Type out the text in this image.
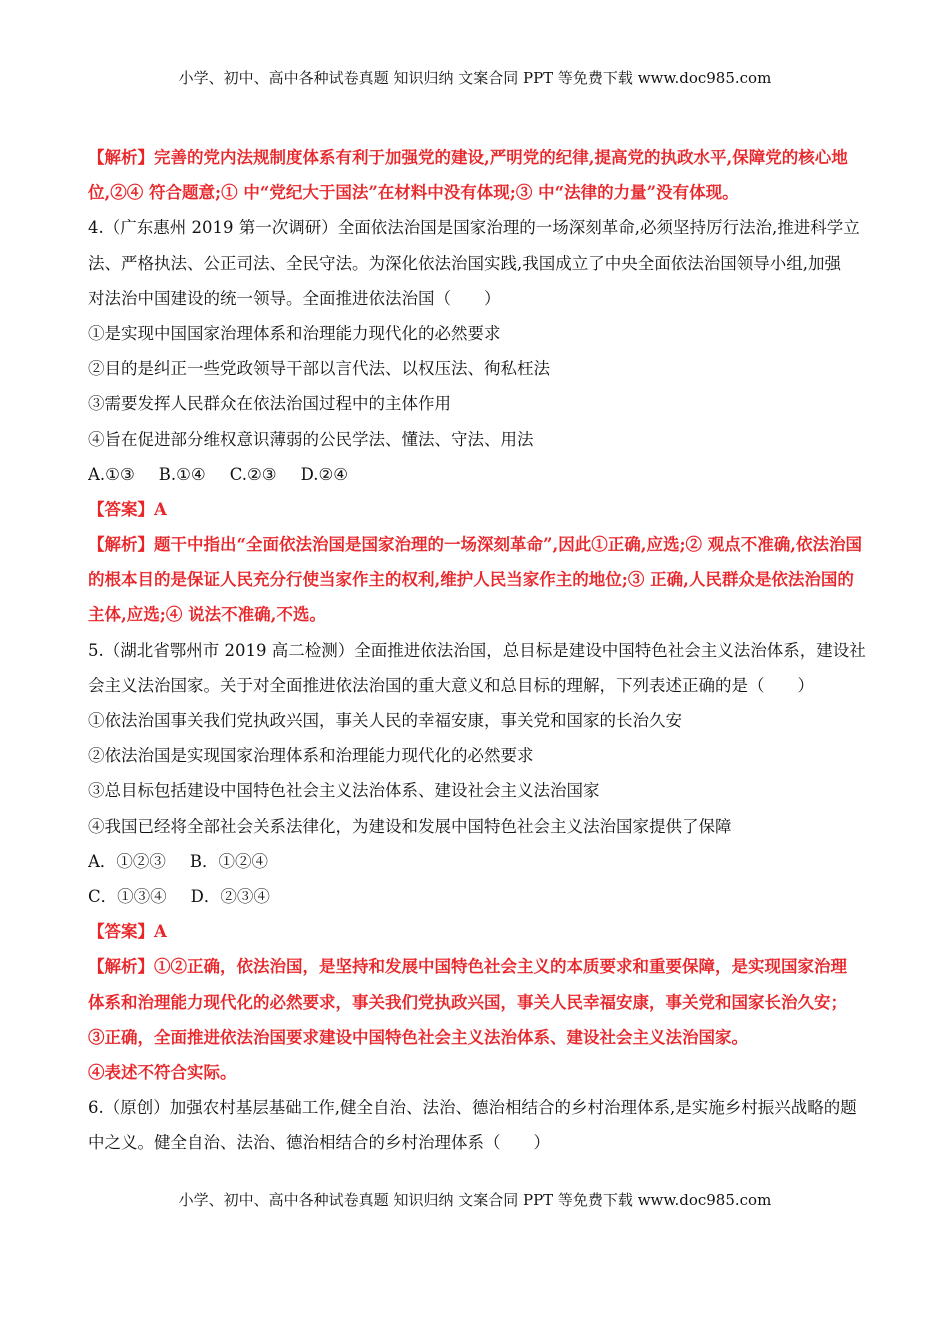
小学、初中、高中各种试卷真题 知识归纳 文案合同 PPT 等免费下载 www.doc985.com
【解析】完善的党内法规制度体系有利于加强党的建设,严明党的纪律,提高党的执政水平,保障党的核心地
位,②④ 符合题意;① 中“党纪大于国法”在材料中没有体现;③ 中“法律的力量”没有体现。
4.（广东惠州 2019 第一次调研）全面依法治国是国家治理的一场深刻革命,必须坚持厉行法治,推进科学立
法、严格执法、公正司法、全民守法。为深化依法治国实践,我国成立了中央全面依法治国领导小组,加强
对法治中国建设的统一领导。全面推进依法治国（　　）
①是实现中国国家治理体系和治理能力现代化的必然要求
②目的是纠正一些党政领导干部以言代法、以权压法、徇私枉法
③需要发挥人民群众在依法治国过程中的主体作用
④旨在促进部分维权意识薄弱的公民学法、懂法、守法、用法
A.①③ B.①④ C.②③ D.②④
【答案】A
【解析】题干中指出“全面依法治国是国家治理的一场深刻革命”,因此①正确,应选;② 观点不准确,依法治国
的根本目的是保证人民充分行使当家作主的权利,维护人民当家作主的地位;③ 正确,人民群众是依法治国的
主体,应选;④ 说法不准确,不选。
5.（湖北省鄂州市 2019 高二检测）全面推进依法治国，总目标是建设中国特色社会主义法治体系，建设社
会主义法治国家。关于对全面推进依法治国的重大意义和总目标的理解，下列表述正确的是（　　）
①依法治国事关我们党执政兴国，事关人民的幸福安康，事关党和国家的长治久安
②依法治国是实现国家治理体系和治理能力现代化的必然要求
③总目标包括建设中国特色社会主义法治体系、建设社会主义法治国家
④我国已经将全部社会关系法律化，为建设和发展中国特色社会主义法治国家提供了保障
A．①②③ B．①②④
C．①③④ D．②③④
【答案】A
【解析】①②正确，依法治国，是坚持和发展中国特色社会主义的本质要求和重要保障，是实现国家治理
体系和治理能力现代化的必然要求，事关我们党执政兴国，事关人民幸福安康，事关党和国家长治久安；
③正确，全面推进依法治国要求建设中国特色社会主义法治体系、建设社会主义法治国家。
④表述不符合实际。
6.（原创）加强农村基层基础工作,健全自治、法治、德治相结合的乡村治理体系,是实施乡村振兴战略的题
中之义。健全自治、法治、德治相结合的乡村治理体系（　　）
小学、初中、高中各种试卷真题 知识归纳 文案合同 PPT 等免费下载 www.doc985.com
